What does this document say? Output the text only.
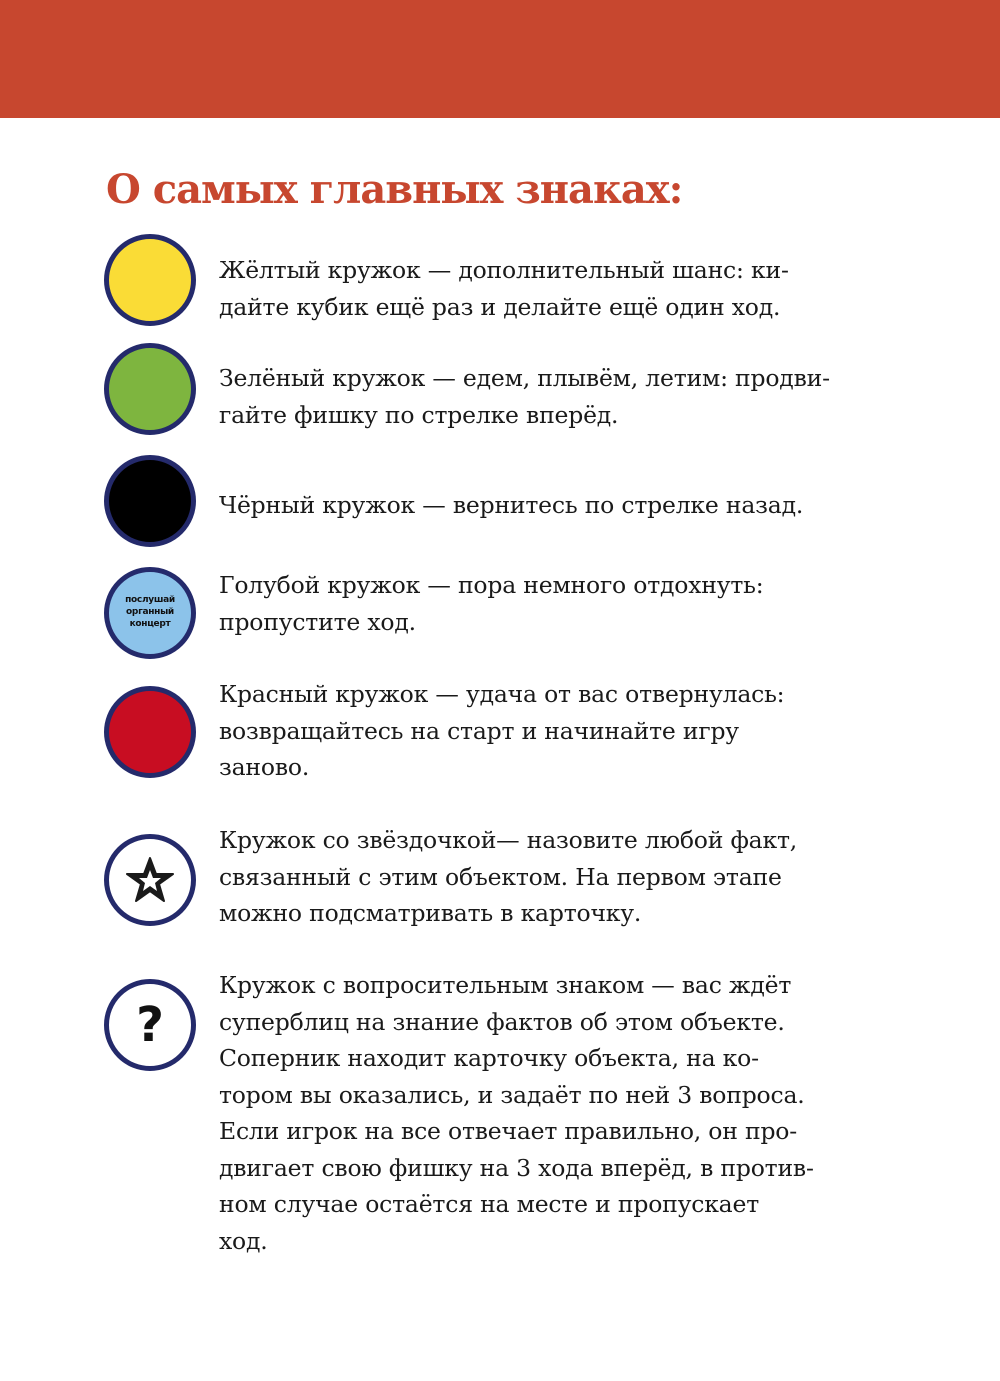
О самых главных знаках:

Жёлтый кружок — дополнительный шанс: ки-
дайте кубик ещё раз и делайте ещё один ход.

Зелёный кружок — едем, плывём, летим: продви-
гайте фишку по стрелке вперёд.

Чёрный кружок — вернитесь по стрелке назад.

послушай
органный
концерт

Голубой кружок — пора немного отдохнуть:
пропустите ход.

Красный кружок — удача от вас отвернулась:
возвращайтесь на старт и начинайте игру
заново.

Кружок со звёздочкой— назовите любой факт,
связанный с этим объектом. На первом этапе
можно подсматривать в карточку.

?

Кружок с вопросительным знаком — вас ждёт
суперблиц на знание фактов об этом объекте.
Соперник находит карточку объекта, на ко-
тором вы оказались, и задаёт по ней 3 вопроса.
Если игрок на все отвечает правильно, он про-
двигает свою фишку на 3 хода вперёд, в против-
ном случае остаётся на месте и пропускает
ход.
